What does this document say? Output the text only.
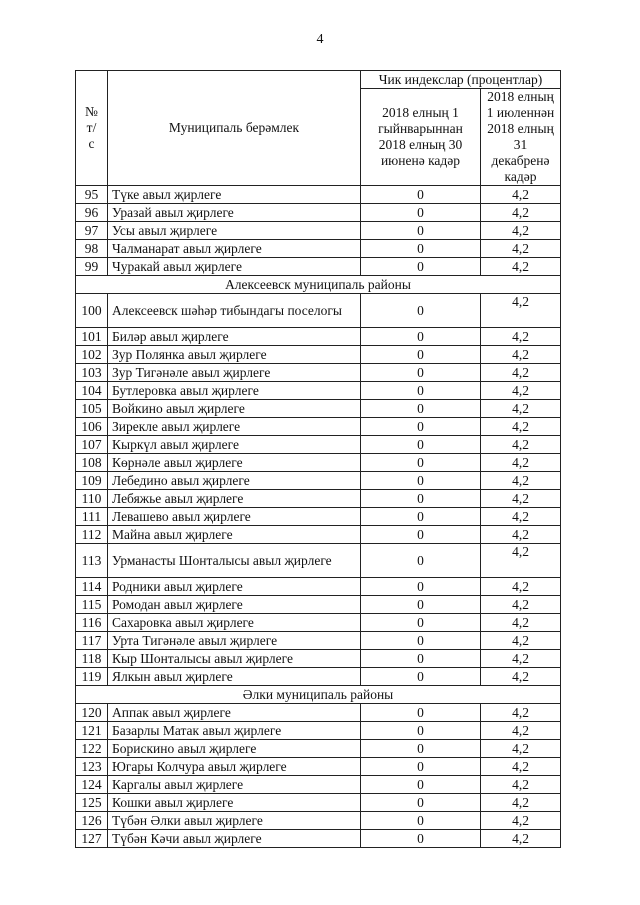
4
№ т/с	Муниципаль берәмлек	Чик индекслар (процентлар)	
		2018 елның 1 гыйнварыннан 2018 елның 30 июненә кадәр	2018 елның 1 июленнән 2018 елның 31 декабренә кадәр
95	Түке авыл җирлеге	0	4,2
96	Уразай авыл җирлеге	0	4,2
97	Усы авыл җирлеге	0	4,2
98	Чалманарат авыл җирлеге	0	4,2
99	Чуракай авыл җирлеге	0	4,2
Алексеевск муниципаль районы			
100	Алексеевск шәһәр тибындагы поселогы	0	4,2
101	Биләр авыл җирлеге	0	4,2
102	Зур Полянка авыл җирлеге	0	4,2
103	Зур Тигәнәле авыл җирлеге	0	4,2
104	Бутлеровка авыл җирлеге	0	4,2
105	Войкино авыл җирлеге	0	4,2
106	Зирекле авыл җирлеге	0	4,2
107	Кыркүл авыл җирлеге	0	4,2
108	Көрнәле авыл җирлеге	0	4,2
109	Лебедино авыл җирлеге	0	4,2
110	Лебяжье авыл җирлеге	0	4,2
111	Левашево авыл җирлеге	0	4,2
112	Майна авыл җирлеге	0	4,2
113	Урманасты Шонталысы авыл җирлеге	0	4,2
114	Родники авыл җирлеге	0	4,2
115	Ромодан авыл җирлеге	0	4,2
116	Сахаровка авыл җирлеге	0	4,2
117	Урта Тигәнәле авыл җирлеге	0	4,2
118	Кыр Шонталысы авыл җирлеге	0	4,2
119	Ялкын авыл җирлеге	0	4,2
Әлки муниципаль районы			
120	Аппак авыл җирлеге	0	4,2
121	Базарлы Матак авыл җирлеге	0	4,2
122	Борискино авыл җирлеге	0	4,2
123	Югары Колчура авыл җирлеге	0	4,2
124	Каргалы авыл җирлеге	0	4,2
125	Кошки авыл җирлеге	0	4,2
126	Түбән Әлки авыл җирлеге	0	4,2
127	Түбән Кәчи авыл җирлеге	0	4,2
